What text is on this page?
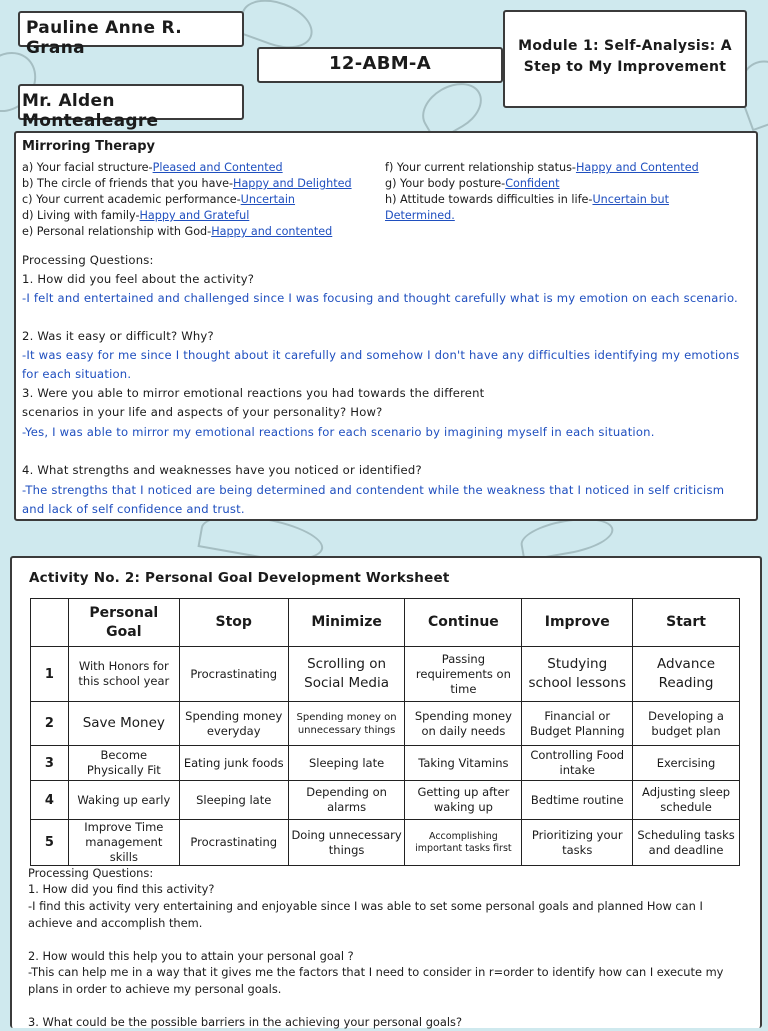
Pauline Anne R. Grana
12-ABM-A
Mr. Alden Montealeagre
Module 1: Self-Analysis: A Step to My Improvement
Mirroring Therapy
a) Your facial structure-Pleased and Contented
b) The circle of friends that you have-Happy and Delighted
c) Your current academic performance-Uncertain
d) Living with family-Happy and Grateful
e) Personal relationship with God-Happy and contented
f) Your current relationship status-Happy and Contented
g) Your body posture-Confident
h) Attitude towards difficulties in life-Uncertain but Determined.
Processing Questions:
1. How did you feel about the activity?
-I felt and entertained and challenged since I was focusing and thought carefully what is my emotion on each scenario.
2. Was it easy or difficult? Why?
-It was easy for me since I thought about it carefully and somehow I don't have any difficulties identifying my emotions for each situation.
3. Were you able to mirror emotional reactions you had towards the different
scenarios in your life and aspects of your personality? How?
-Yes, I was able to mirror my emotional reactions for each scenario by imagining myself in each situation.
4. What strengths and weaknesses have you noticed or identified?
-The strengths that I noticed are being determined and contendent while the weakness that I noticed in self criticism and lack of self confidence and trust.
Activity No. 2: Personal Goal Development Worksheet
	Personal Goal	Stop	Minimize	Continue	Improve	Start
1	With Honors for this school year	Procrastinating	Scrolling on Social Media	Passing requirements on time	Studying school lessons	Advance Reading
2	Save Money	Spending money everyday	Spending money on unnecessary things	Spending money on daily needs	Financial or Budget Planning	Developing a budget plan
3	Become Physically Fit	Eating junk foods	Sleeping late	Taking Vitamins	Controlling Food intake	Exercising
4	Waking up early	Sleeping late	Depending on alarms	Getting up after waking up	Bedtime routine	Adjusting sleep schedule
5	Improve Time management skills	Procrastinating	Doing unnecessary things	Accomplishing important tasks first	Prioritizing your tasks	Scheduling tasks and deadline
Processing Questions:
1. How did you find this activity?
-I find this activity very entertaining and enjoyable since I was able to set some personal goals and planned How can I achieve and accomplish them.
2. How would this help you to attain your personal goal ?
-This can help me in a way that it gives me the factors that I need to consider in r=order to identify how can I execute my plans in order to achieve my personal goals.
3. What could be the possible barriers in the achieving your personal goals?
